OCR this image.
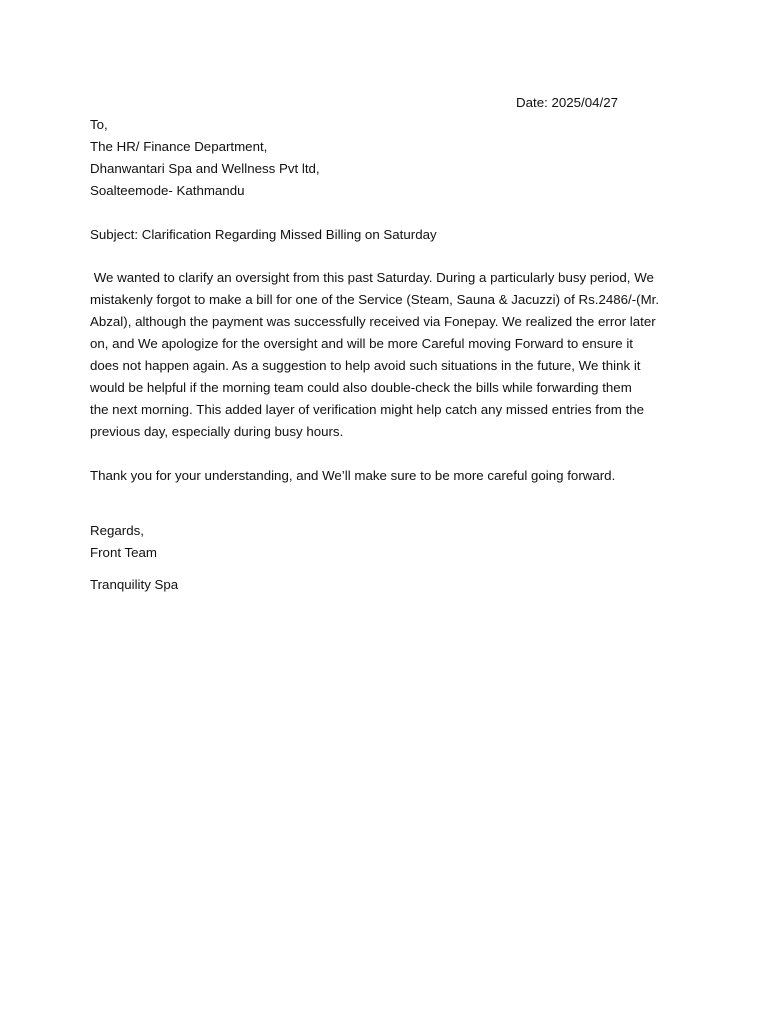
Date: 2025/04/27
To,
The HR/ Finance Department,
Dhanwantari Spa and Wellness Pvt ltd,
Soalteemode- Kathmandu
Subject: Clarification Regarding Missed Billing on Saturday
We wanted to clarify an oversight from this past Saturday. During a particularly busy period, We
mistakenly forgot to make a bill for one of the Service (Steam, Sauna & Jacuzzi) of Rs.2486/-(Mr.
Abzal), although the payment was successfully received via Fonepay. We realized the error later
on, and We apologize for the oversight and will be more Careful moving Forward to ensure it
does not happen again. As a suggestion to help avoid such situations in the future, We think it
would be helpful if the morning team could also double-check the bills while forwarding them
the next morning. This added layer of verification might help catch any missed entries from the
previous day, especially during busy hours.
Thank you for your understanding, and We’ll make sure to be more careful going forward.
Regards,
Front Team
Tranquility Spa
